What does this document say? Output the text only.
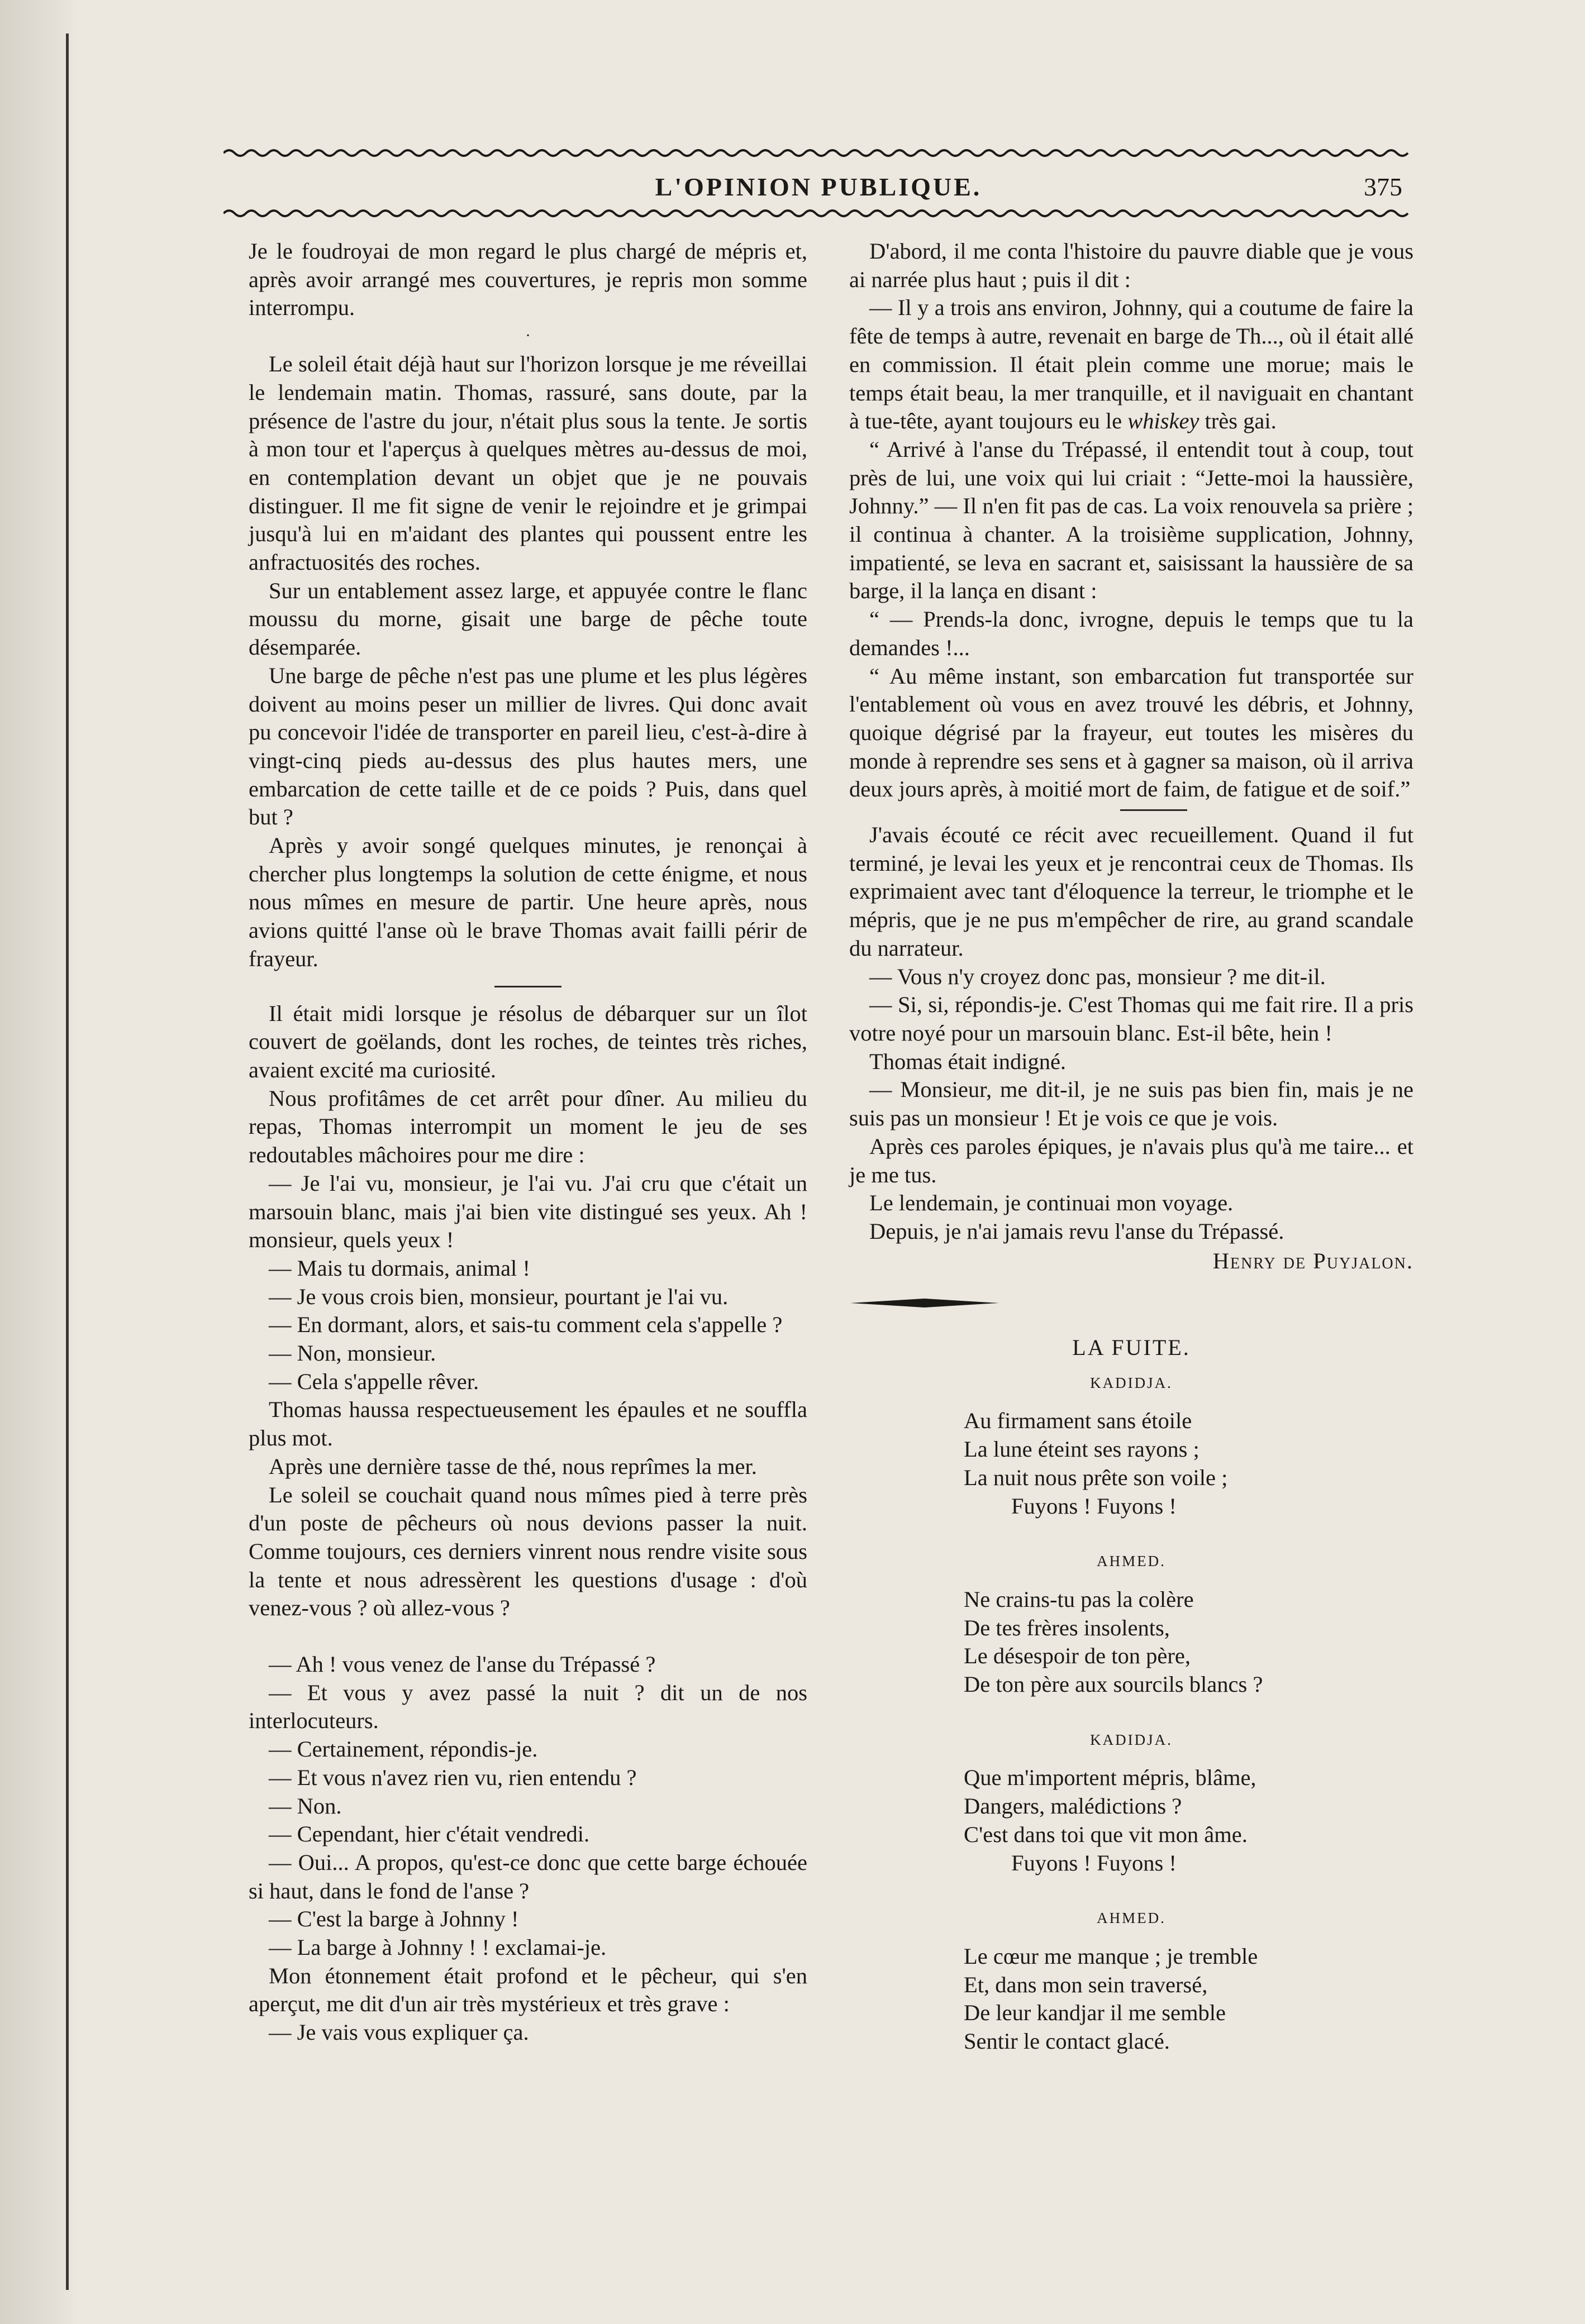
L'OPINION PUBLIQUE.	375

Je le foudroyai de mon regard le plus chargé de mépris et, après avoir arrangé mes couvertures, je repris mon somme interrompu.

·

Le soleil était déjà haut sur l'horizon lorsque je me réveillai le lendemain matin. Thomas, rassuré, sans doute, par la présence de l'astre du jour, n'était plus sous la tente. Je sortis à mon tour et l'aperçus à quelques mètres au-dessus de moi, en contemplation devant un objet que je ne pouvais distinguer. Il me fit signe de venir le rejoindre et je grimpai jusqu'à lui en m'aidant des plantes qui poussent entre les anfractuosités des roches.

Sur un entablement assez large, et appuyée contre le flanc moussu du morne, gisait une barge de pêche toute désemparée.

Une barge de pêche n'est pas une plume et les plus légères doivent au moins peser un millier de livres. Qui donc avait pu concevoir l'idée de transporter en pareil lieu, c'est-à-dire à vingt-cinq pieds au-dessus des plus hautes mers, une embarcation de cette taille et de ce poids ? Puis, dans quel but ?

Après y avoir songé quelques minutes, je renonçai à chercher plus longtemps la solution de cette énigme, et nous nous mîmes en mesure de partir. Une heure après, nous avions quitté l'anse où le brave Thomas avait failli périr de frayeur.

Il était midi lorsque je résolus de débarquer sur un îlot couvert de goëlands, dont les roches, de teintes très riches, avaient excité ma curiosité.

Nous profitâmes de cet arrêt pour dîner. Au milieu du repas, Thomas interrompit un moment le jeu de ses redoutables mâchoires pour me dire :

— Je l'ai vu, monsieur, je l'ai vu. J'ai cru que c'était un marsouin blanc, mais j'ai bien vite distingué ses yeux. Ah ! monsieur, quels yeux !

— Mais tu dormais, animal !

— Je vous crois bien, monsieur, pourtant je l'ai vu.

— En dormant, alors, et sais-tu comment cela s'appelle ?

— Non, monsieur.

— Cela s'appelle rêver.

Thomas haussa respectueusement les épaules et ne souffla plus mot.

Après une dernière tasse de thé, nous reprîmes la mer.

Le soleil se couchait quand nous mîmes pied à terre près d'un poste de pêcheurs où nous devions passer la nuit. Comme toujours, ces derniers vinrent nous rendre visite sous la tente et nous adressèrent les questions d'usage : d'où venez-vous ? où allez-vous ?

— Ah ! vous venez de l'anse du Trépassé ?

— Et vous y avez passé la nuit ? dit un de nos interlocuteurs.

— Certainement, répondis-je.

— Et vous n'avez rien vu, rien entendu ?

— Non.

— Cependant, hier c'était vendredi.

— Oui... A propos, qu'est-ce donc que cette barge échouée si haut, dans le fond de l'anse ?

— C'est la barge à Johnny !

— La barge à Johnny ! ! exclamai-je.

Mon étonnement était profond et le pêcheur, qui s'en aperçut, me dit d'un air très mystérieux et très grave :

— Je vais vous expliquer ça.

D'abord, il me conta l'histoire du pauvre diable que je vous ai narrée plus haut ; puis il dit :

— Il y a trois ans environ, Johnny, qui a coutume de faire la fête de temps à autre, revenait en barge de Th..., où il était allé en commission. Il était plein comme une morue; mais le temps était beau, la mer tranquille, et il naviguait en chantant à tue-tête, ayant toujours eu le whiskey très gai.

“ Arrivé à l'anse du Trépassé, il entendit tout à coup, tout près de lui, une voix qui lui criait : “Jette-moi la haussière, Johnny.” — Il n'en fit pas de cas. La voix renouvela sa prière ; il continua à chanter. A la troisième supplication, Johnny, impatienté, se leva en sacrant et, saisissant la haussière de sa barge, il la lança en disant :

“ — Prends-la donc, ivrogne, depuis le temps que tu la demandes !...

“ Au même instant, son embarcation fut transportée sur l'entablement où vous en avez trouvé les débris, et Johnny, quoique dégrisé par la frayeur, eut toutes les misères du monde à reprendre ses sens et à gagner sa maison, où il arriva deux jours après, à moitié mort de faim, de fatigue et de soif.”

J'avais écouté ce récit avec recueillement. Quand il fut terminé, je levai les yeux et je rencontrai ceux de Thomas. Ils exprimaient avec tant d'éloquence la terreur, le triomphe et le mépris, que je ne pus m'empêcher de rire, au grand scandale du narrateur.

— Vous n'y croyez donc pas, monsieur ? me dit-il.

— Si, si, répondis-je. C'est Thomas qui me fait rire. Il a pris votre noyé pour un marsouin blanc. Est-il bête, hein !

Thomas était indigné.

— Monsieur, me dit-il, je ne suis pas bien fin, mais je ne suis pas un monsieur ! Et je vois ce que je vois.

Après ces paroles épiques, je n'avais plus qu'à me taire... et je me tus.

Le lendemain, je continuai mon voyage.

Depuis, je n'ai jamais revu l'anse du Trépassé.

Henry de Puyjalon.
LA FUITE.
KADIDJA.
Au firmament sans étoile
La lune éteint ses rayons ;
La nuit nous prête son voile ;
Fuyons ! Fuyons !
AHMED.
Ne crains-tu pas la colère
De tes frères insolents,
Le désespoir de ton père,
De ton père aux sourcils blancs ?
KADIDJA.
Que m'importent mépris, blâme,
Dangers, malédictions ?
C'est dans toi que vit mon âme.
Fuyons ! Fuyons !
AHMED.
Le cœur me manque ; je tremble
Et, dans mon sein traversé,
De leur kandjar il me semble
Sentir le contact glacé.
